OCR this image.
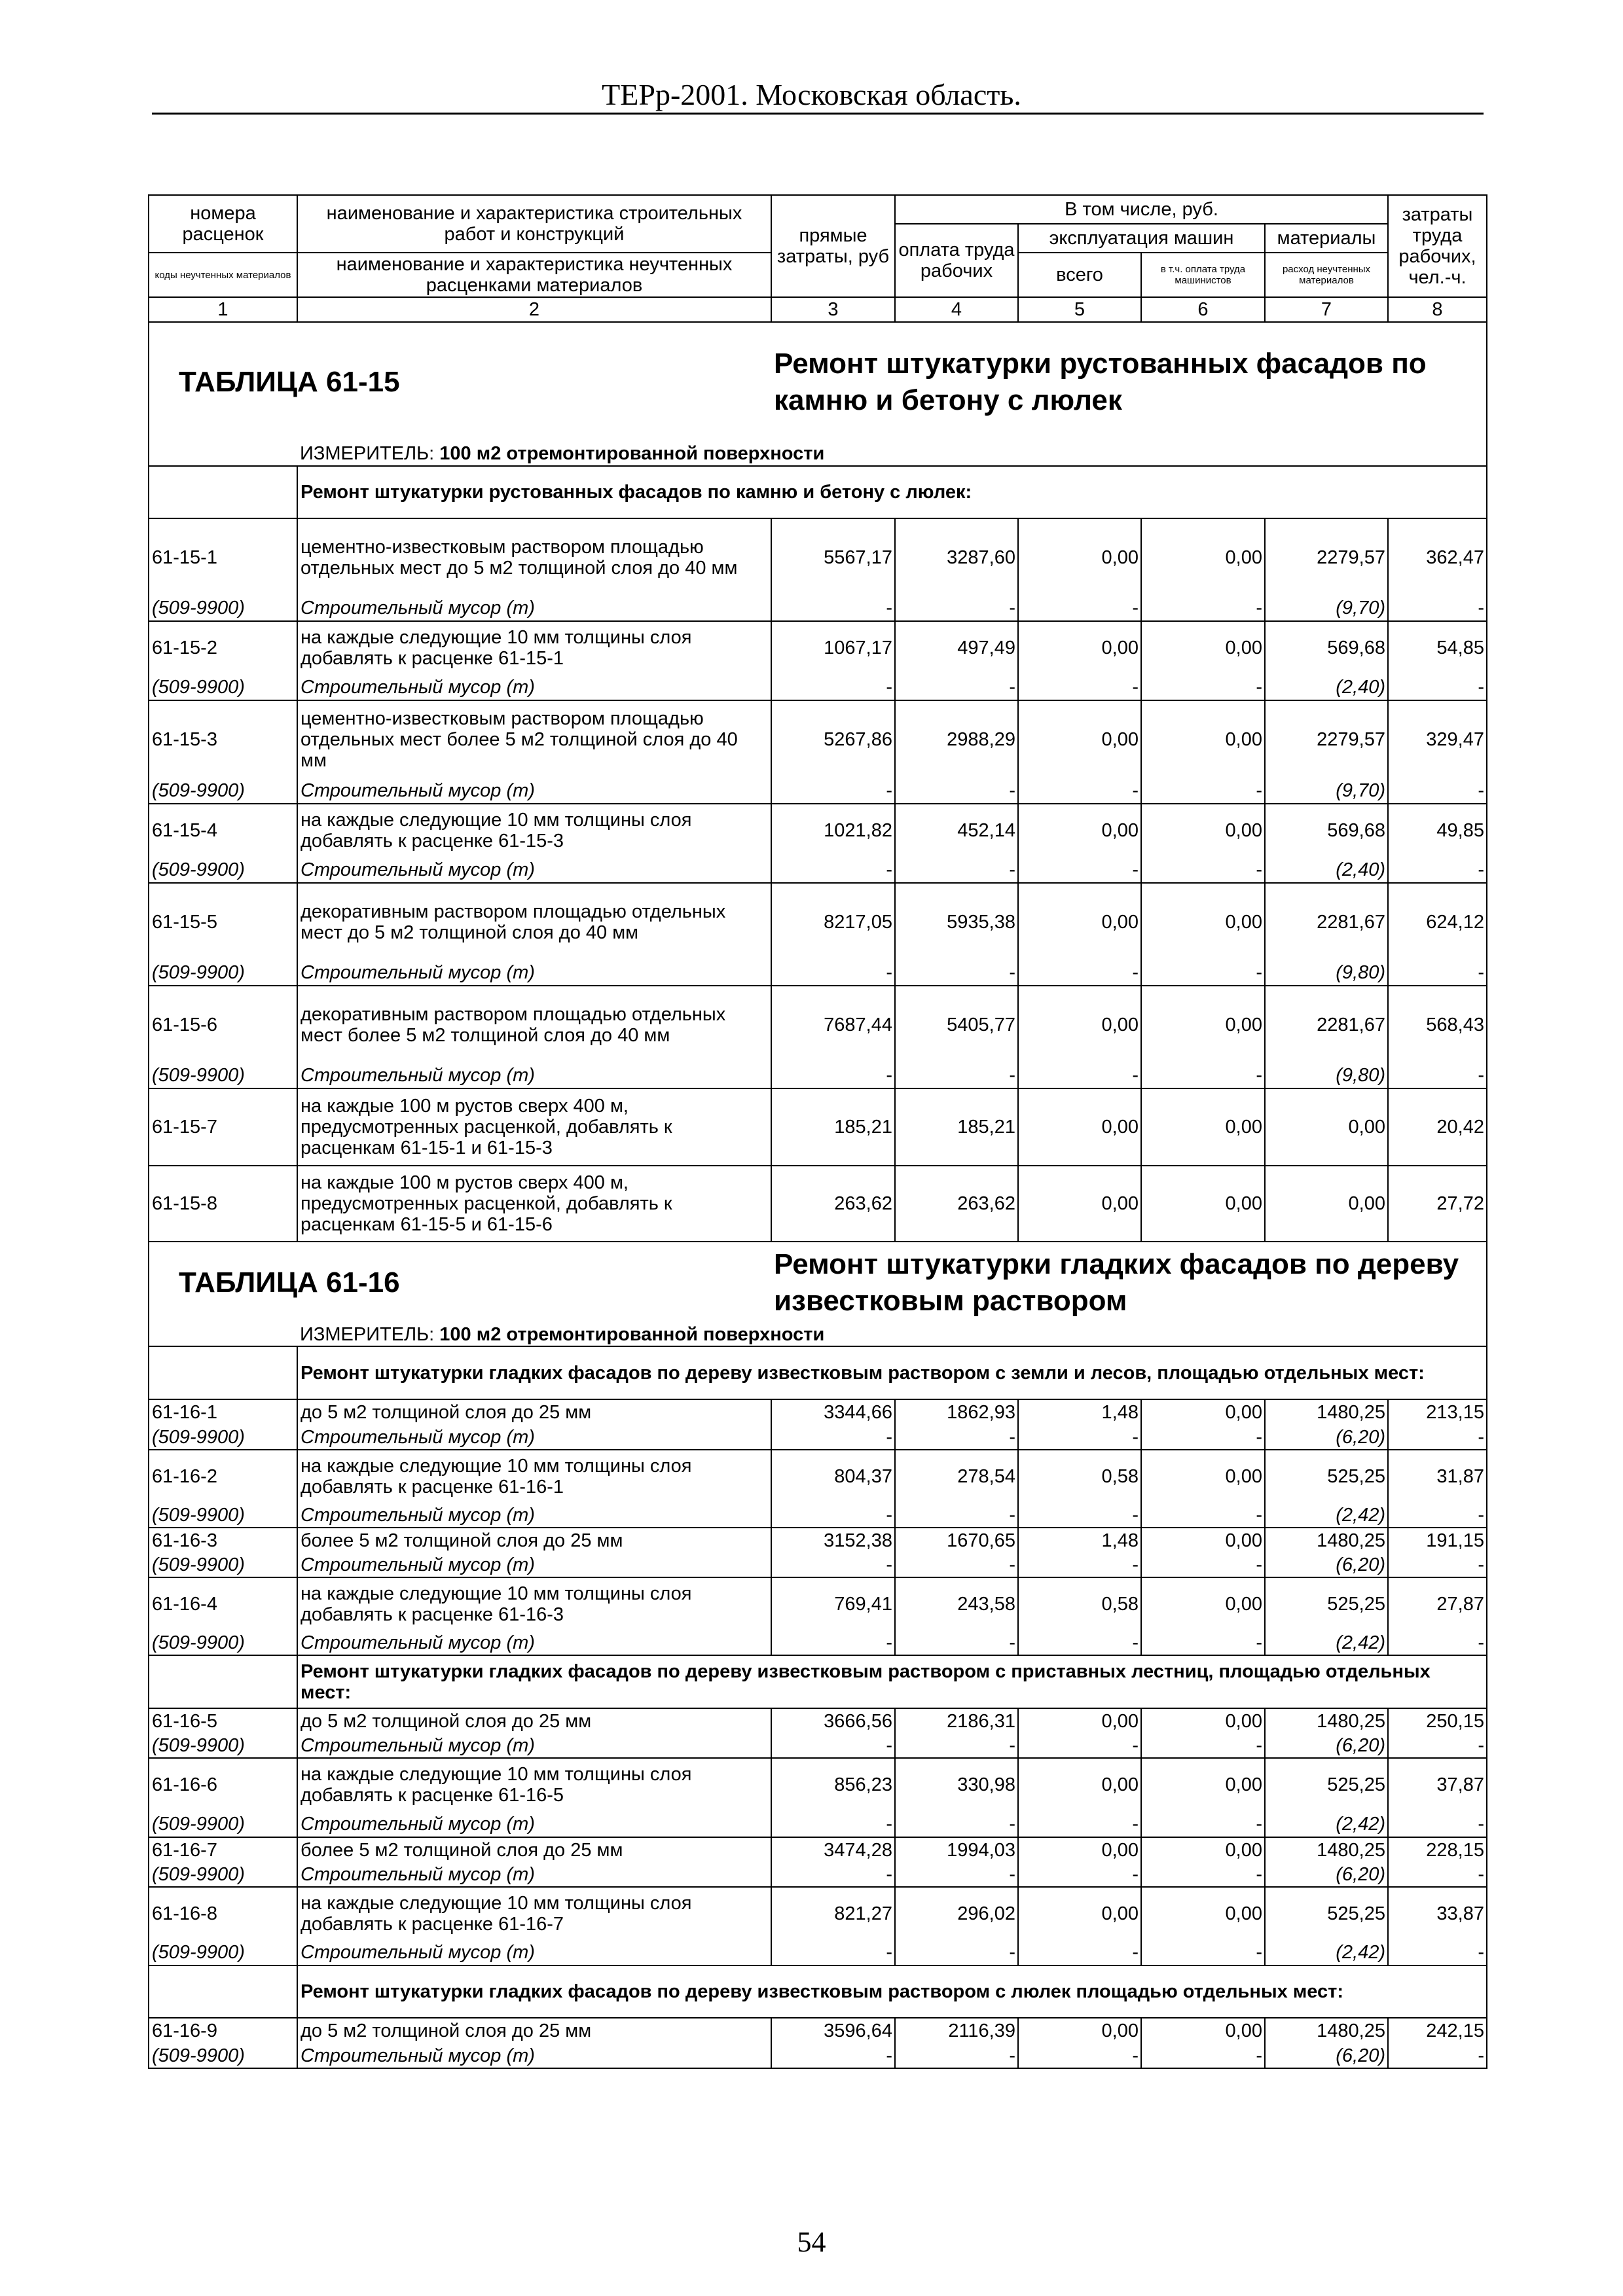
ТЕРр-2001. Московская область.
номера расценок	наименование и характеристика строительных работ и конструкций	прямые затраты, руб	В том числе, руб.				затраты труда рабочих, чел.-ч.
			оплата труда рабочих	эксплуатация машин		материалы	
коды неучтенных материалов	наименование и характеристика неучтенных расценками материалов			всего	в т.ч. оплата труда машинистов	расход неучтенных материалов	

1	2	3	4	5	6	7	8
ТАБЛИЦА 61-15		Ремонт штукатурки рустованных фасадов по камню и бетону с люлек					
	ИЗМЕРИТЕЛЬ: 100 м2 отремонтированной поверхности						
	Ремонт штукатурки рустованных фасадов по камню и бетону с люлек:						
61-15-1	цементно-известковым раствором площадью отдельных мест до 5 м2 толщиной слоя до 40 мм	5567,17	3287,60	0,00	0,00	2279,57	362,47
(509-9900)	Строительный мусор (т)	-	-	-	-	(9,70)	-
61-15-2	на каждые следующие 10 мм толщины слоя добавлять к расценке 61-15-1	1067,17	497,49	0,00	0,00	569,68	54,85
(509-9900)	Строительный мусор (т)	-	-	-	-	(2,40)	-
61-15-3	цементно-известковым раствором площадью отдельных мест более 5 м2 толщиной слоя до 40 мм	5267,86	2988,29	0,00	0,00	2279,57	329,47
(509-9900)	Строительный мусор (т)	-	-	-	-	(9,70)	-
61-15-4	на каждые следующие 10 мм толщины слоя добавлять к расценке 61-15-3	1021,82	452,14	0,00	0,00	569,68	49,85
(509-9900)	Строительный мусор (т)	-	-	-	-	(2,40)	-
61-15-5	декоративным раствором площадью отдельных мест до 5 м2 толщиной слоя до 40 мм	8217,05	5935,38	0,00	0,00	2281,67	624,12
(509-9900)	Строительный мусор (т)	-	-	-	-	(9,80)	-
61-15-6	декоративным раствором площадью отдельных мест более 5 м2 толщиной слоя до 40 мм	7687,44	5405,77	0,00	0,00	2281,67	568,43
(509-9900)	Строительный мусор (т)	-	-	-	-	(9,80)	-
61-15-7	на каждые 100 м рустов сверх 400 м, предусмотренных расценкой, добавлять к расценкам 61-15-1 и 61-15-3	185,21	185,21	0,00	0,00	0,00	20,42
61-15-8	на каждые 100 м рустов сверх 400 м, предусмотренных расценкой, добавлять к расценкам 61-15-5 и 61-15-6	263,62	263,62	0,00	0,00	0,00	27,72
ТАБЛИЦА 61-16		Ремонт штукатурки гладких фасадов по дереву известковым раствором					
	ИЗМЕРИТЕЛЬ: 100 м2 отремонтированной поверхности						
	Ремонт штукатурки гладких фасадов по дереву известковым раствором с земли и лесов, площадью отдельных мест:						
61-16-1	до 5 м2 толщиной слоя до 25 мм	3344,66	1862,93	1,48	0,00	1480,25	213,15
(509-9900)	Строительный мусор (т)	-	-	-	-	(6,20)	-
61-16-2	на каждые следующие 10 мм толщины слоя добавлять к расценке 61-16-1	804,37	278,54	0,58	0,00	525,25	31,87
(509-9900)	Строительный мусор (т)	-	-	-	-	(2,42)	-
61-16-3	более 5 м2 толщиной слоя до 25 мм	3152,38	1670,65	1,48	0,00	1480,25	191,15
(509-9900)	Строительный мусор (т)	-	-	-	-	(6,20)	-
61-16-4	на каждые следующие 10 мм толщины слоя добавлять к расценке 61-16-3	769,41	243,58	0,58	0,00	525,25	27,87
(509-9900)	Строительный мусор (т)	-	-	-	-	(2,42)	-
	Ремонт штукатурки гладких фасадов по дереву известковым раствором с приставных лестниц, площадью отдельных мест:						
61-16-5	до 5 м2 толщиной слоя до 25 мм	3666,56	2186,31	0,00	0,00	1480,25	250,15
(509-9900)	Строительный мусор (т)	-	-	-	-	(6,20)	-
61-16-6	на каждые следующие 10 мм толщины слоя добавлять к расценке 61-16-5	856,23	330,98	0,00	0,00	525,25	37,87
(509-9900)	Строительный мусор (т)	-	-	-	-	(2,42)	-
61-16-7	более 5 м2 толщиной слоя до 25 мм	3474,28	1994,03	0,00	0,00	1480,25	228,15
(509-9900)	Строительный мусор (т)	-	-	-	-	(6,20)	-
61-16-8	на каждые следующие 10 мм толщины слоя добавлять к расценке 61-16-7	821,27	296,02	0,00	0,00	525,25	33,87
(509-9900)	Строительный мусор (т)	-	-	-	-	(2,42)	-
	Ремонт штукатурки гладких фасадов по дереву известковым раствором с люлек площадью отдельных мест:						
61-16-9	до 5 м2 толщиной слоя до 25 мм	3596,64	2116,39	0,00	0,00	1480,25	242,15
(509-9900)	Строительный мусор (т)	-	-	-	-	(6,20)	-
54
